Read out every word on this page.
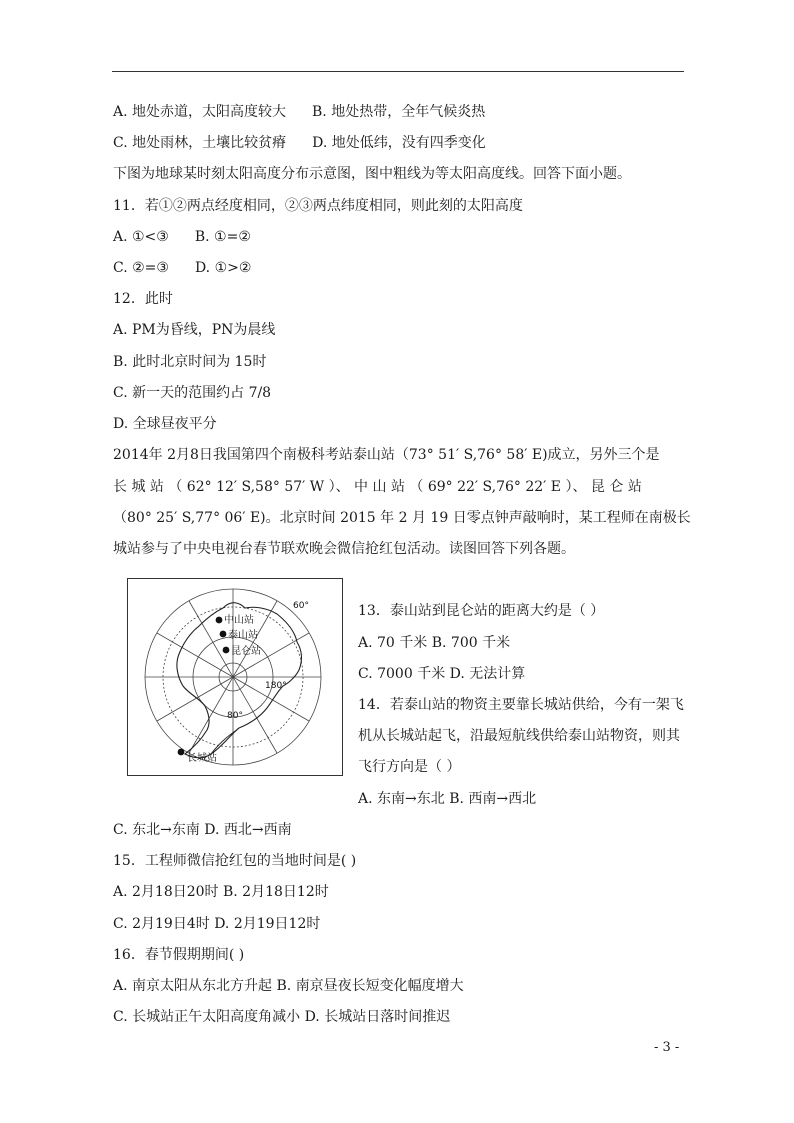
A. 地处赤道，太阳高度较大 B. 地处热带，全年气候炎热
C. 地处雨林，土壤比较贫瘠 D. 地处低纬，没有四季变化
下图为地球某时刻太阳高度分布示意图，图中粗线为等太阳高度线。回答下面小题。
11．若①②两点经度相同，②③两点纬度相同，则此刻的太阳高度
A. ①<③ B. ①=②
C. ②=③ D. ①>②
12．此时
A. PM为昏线，PN为晨线
B. 此时北京时间为 15时
C. 新一天的范围约占 7/8
D. 全球昼夜平分
2014年 2月8日我国第四个南极科考站泰山站（73° 51′ S,76° 58′ E)成立，另外三个是
长 城 站 （ 62° 12′ S,58° 57′ W ）、 中 山 站 （ 69° 22′ S,76° 22′ E ）、 昆 仑 站
（80° 25′ S,77° 06′ E)。北京时间 2015 年 2 月 19 日零点钟声敲响时，某工程师在南极长
城站参与了中央电视台春节联欢晚会微信抢红包活动。读图回答下列各题。
中山站
泰山站
昆仑站
长城站
60°
180°
80°
13．泰山站到昆仑站的距离大约是（ ）
A. 70 千米 B. 700 千米
C. 7000 千米 D. 无法计算
14．若泰山站的物资主要靠长城站供给，今有一架飞
机从长城站起飞，沿最短航线供给泰山站物资，则其
飞行方向是（ ）
A. 东南→东北 B. 西南→西北
C. 东北→东南 D. 西北→西南
15．工程师微信抢红包的当地时间是( )
A. 2月18日20时 B. 2月18日12时
C. 2月19日4时 D. 2月19日12时
16．春节假期期间( )
A. 南京太阳从东北方升起 B. 南京昼夜长短变化幅度增大
C. 长城站正午太阳高度角减小 D. 长城站日落时间推迟
- 3 -
